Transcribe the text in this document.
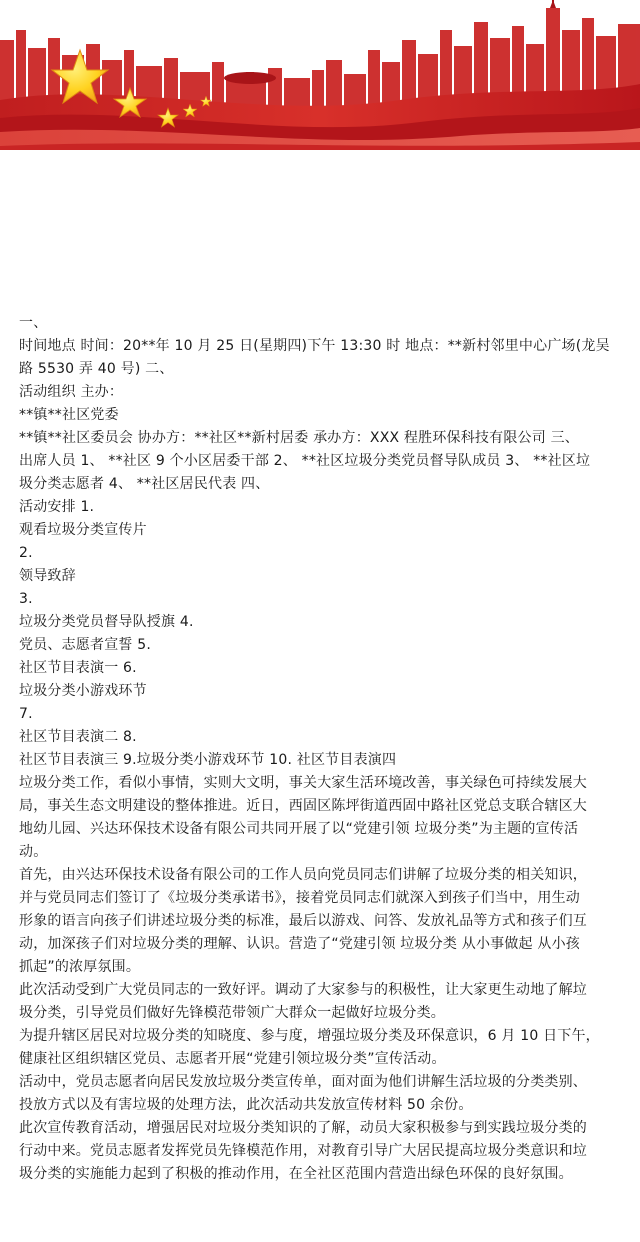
一、

时间地点 时间：20**年 10 月 25 日(星期四)下午 13:30 时 地点：**新村邻里中心广场(龙吴

路 5530 弄 40 号) 二、

活动组织 主办：

**镇**社区党委

**镇**社区委员会 协办方：**社区**新村居委 承办方：XXX 程胜环保科技有限公司 三、

出席人员 1、 **社区 9 个小区居委干部 2、 **社区垃圾分类党员督导队成员 3、 **社区垃

圾分类志愿者 4、 **社区居民代表 四、

活动安排 1.

观看垃圾分类宣传片

2.

领导致辞

3.

垃圾分类党员督导队授旗 4.

党员、志愿者宣誓 5.

社区节目表演一 6.

垃圾分类小游戏环节

7.

社区节目表演二 8.

社区节目表演三 9.垃圾分类小游戏环节 10. 社区节目表演四

垃圾分类工作，看似小事情，实则大文明，事关大家生活环境改善，事关绿色可持续发展大

局，事关生态文明建设的整体推进。近日，西固区陈坪街道西固中路社区党总支联合辖区大

地幼儿园、兴达环保技术设备有限公司共同开展了以“党建引领 垃圾分类”为主题的宣传活

动。

首先，由兴达环保技术设备有限公司的工作人员向党员同志们讲解了垃圾分类的相关知识，

并与党员同志们签订了《垃圾分类承诺书》，接着党员同志们就深入到孩子们当中，用生动

形象的语言向孩子们讲述垃圾分类的标准，最后以游戏、问答、发放礼品等方式和孩子们互

动，加深孩子们对垃圾分类的理解、认识。营造了“党建引领 垃圾分类 从小事做起 从小孩

抓起”的浓厚氛围。

此次活动受到广大党员同志的一致好评。调动了大家参与的积极性，让大家更生动地了解垃

圾分类，引导党员们做好先锋模范带领广大群众一起做好垃圾分类。

为提升辖区居民对垃圾分类的知晓度、参与度，增强垃圾分类及环保意识，6 月 10 日下午，

健康社区组织辖区党员、志愿者开展“党建引领垃圾分类”宣传活动。

活动中，党员志愿者向居民发放垃圾分类宣传单，面对面为他们讲解生活垃圾的分类类别、

投放方式以及有害垃圾的处理方法，此次活动共发放宣传材料 50 余份。

此次宣传教育活动，增强居民对垃圾分类知识的了解，动员大家积极参与到实践垃圾分类的

行动中来。党员志愿者发挥党员先锋模范作用，对教育引导广大居民提高垃圾分类意识和垃

圾分类的实施能力起到了积极的推动作用，在全社区范围内营造出绿色环保的良好氛围。
